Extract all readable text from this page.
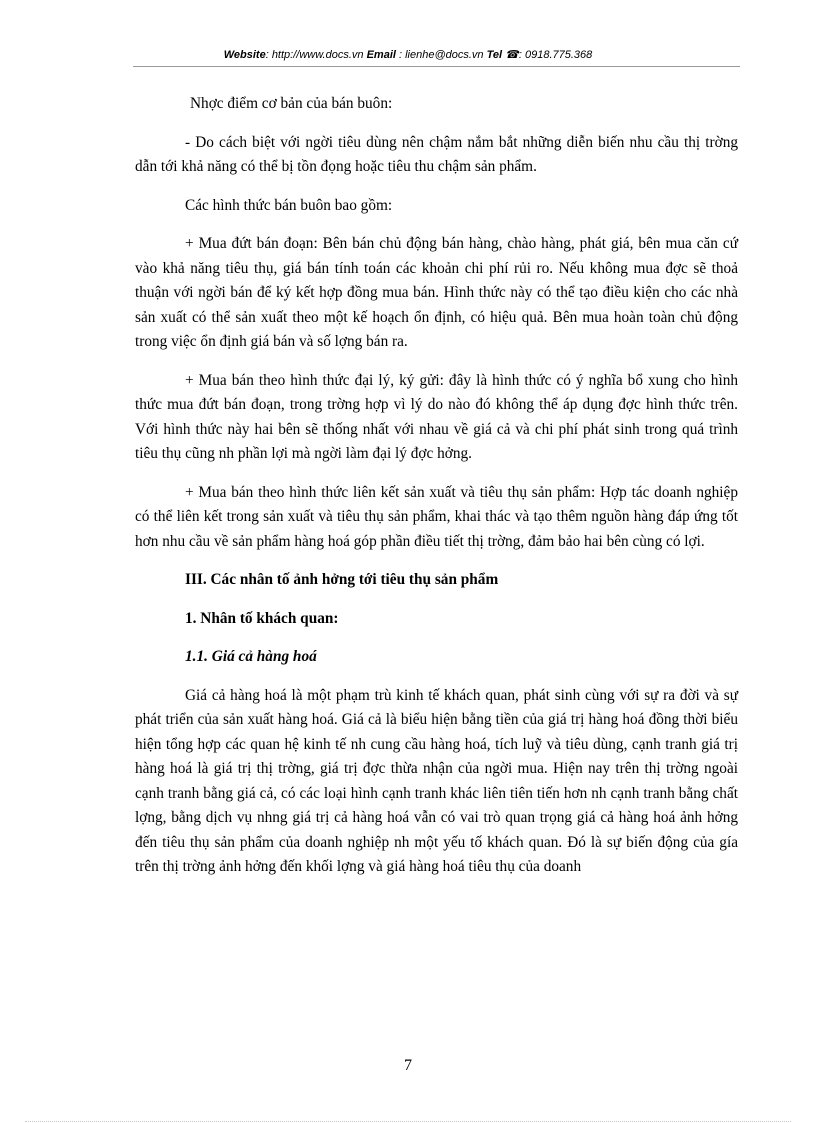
Website: http://www.docs.vn Email : lienhe@docs.vn Tel ☎: 0918.775.368

Nhợc điểm cơ bản của bán buôn:

- Do cách biệt với ngời tiêu dùng nên chậm nắm bắt những diễn biến nhu cầu thị trờng dẫn tới khả năng có thể bị tồn đọng hoặc tiêu thu chậm sản phẩm.

Các hình thức bán buôn bao gồm:

+ Mua đứt bán đoạn: Bên bán chủ động bán hàng, chào hàng, phát giá, bên mua căn cứ vào khả năng tiêu thụ, giá bán tính toán các khoản chi phí rủi ro. Nếu không mua đợc sẽ thoả thuận với ngời bán để ký kết hợp đồng mua bán. Hình thức này có thể tạo điều kiện cho các nhà sản xuất có thể sản xuất theo một kế hoạch ổn định, có hiệu quả. Bên mua hoàn toàn chủ động trong việc ổn định giá bán và số lợng bán ra.

+ Mua bán theo hình thức đại lý, ký gửi: đây là hình thức có ý nghĩa bổ xung cho hình thức mua đứt bán đoạn, trong trờng hợp vì lý do nào đó không thể áp dụng đợc hình thức trên. Với hình thức này hai bên sẽ thống nhất với nhau về giá cả và chi phí phát sinh trong quá trình tiêu thụ cũng nh phần lợi mà ngời làm đại lý đợc hởng.

+ Mua bán theo hình thức liên kết sản xuất và tiêu thụ sản phẩm: Hợp tác doanh nghiệp có thể liên kết trong sản xuất và tiêu thụ sản phẩm, khai thác và tạo thêm nguồn hàng đáp ứng tốt hơn nhu cầu về sản phẩm hàng hoá góp phần điều tiết thị trờng, đảm bảo hai bên cùng có lợi.

III. Các nhân tố ảnh hởng tới tiêu thụ sản phẩm

1. Nhân tố khách quan:

1.1. Giá cả hàng hoá

Giá cả hàng hoá là một phạm trù kinh tế khách quan, phát sinh cùng với sự ra đời và sự phát triển của sản xuất hàng hoá. Giá cả là biểu hiện bằng tiền của giá trị hàng hoá đồng thời biểu hiện tổng hợp các quan hệ kinh tế nh cung cầu hàng hoá, tích luỹ và tiêu dùng, cạnh tranh giá trị hàng hoá là giá trị thị trờng, giá trị đợc thừa nhận của ngời mua. Hiện nay trên thị trờng ngoài cạnh tranh bằng giá cả, có các loại hình cạnh tranh khác liên tiên tiến hơn nh cạnh tranh bằng chất lợng, bằng dịch vụ nhng giá trị cả hàng hoá vẫn có vai trò quan trọng giá cả hàng hoá ảnh hởng đến tiêu thụ sản phẩm của doanh nghiệp nh một yếu tố khách quan. Đó là sự biến động của gía trên thị trờng ảnh hởng đến khối lợng và giá hàng hoá tiêu thụ của doanh

7
